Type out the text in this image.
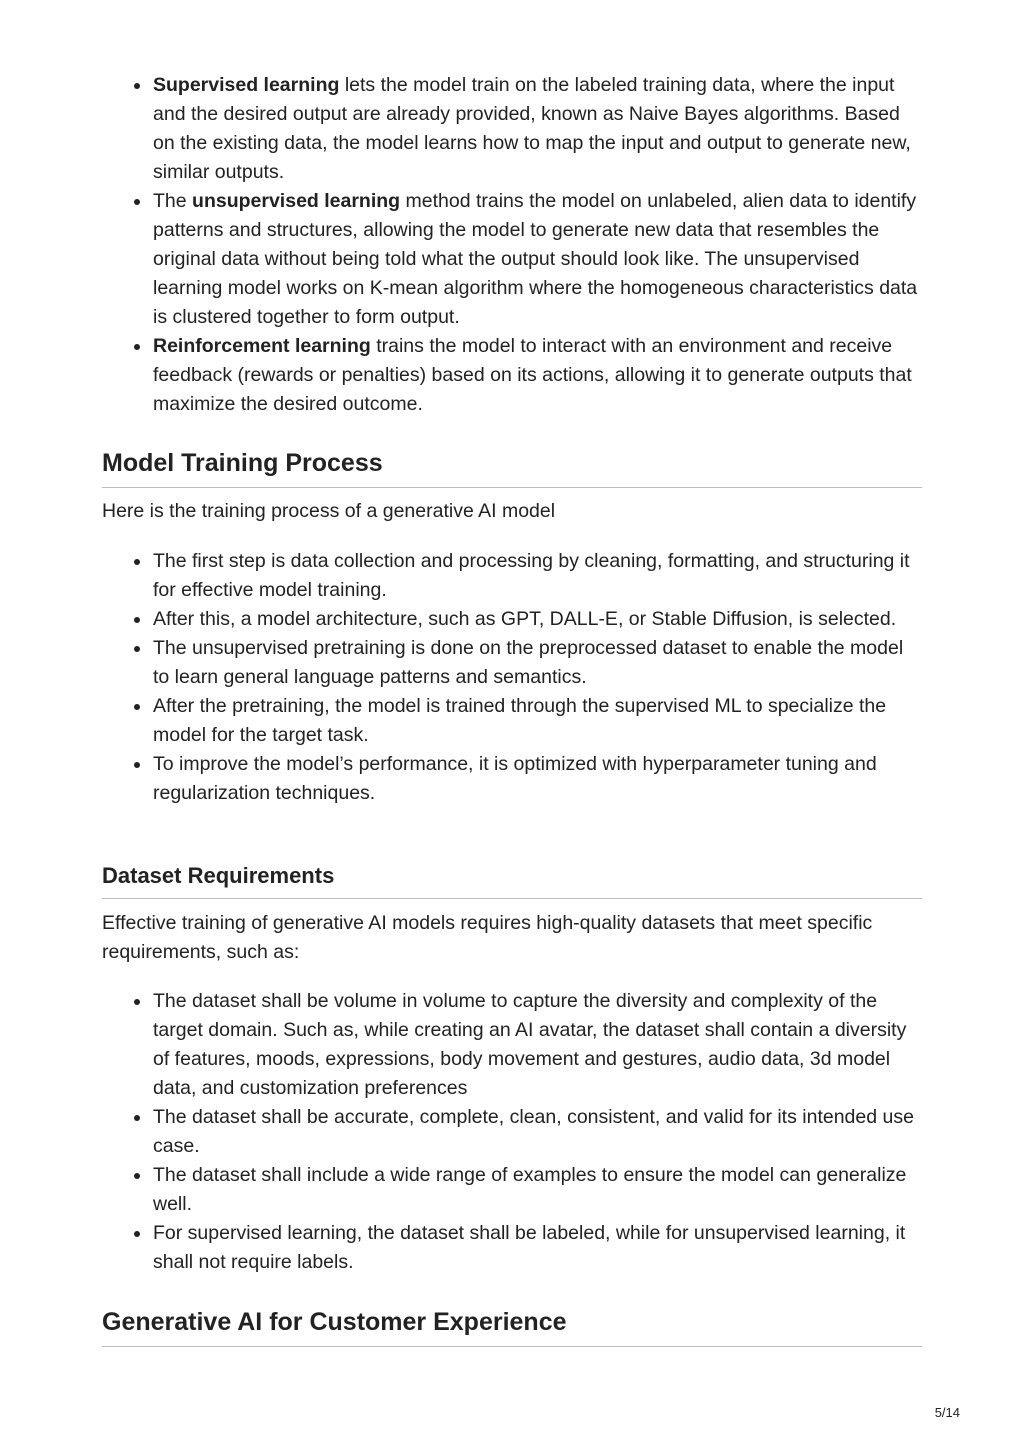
Supervised learning lets the model train on the labeled training data, where the input and the desired output are already provided, known as Naive Bayes algorithms. Based on the existing data, the model learns how to map the input and output to generate new, similar outputs.
The unsupervised learning method trains the model on unlabeled, alien data to identify patterns and structures, allowing the model to generate new data that resembles the original data without being told what the output should look like. The unsupervised learning model works on K-mean algorithm where the homogeneous characteristics data is clustered together to form output.
Reinforcement learning trains the model to interact with an environment and receive feedback (rewards or penalties) based on its actions, allowing it to generate outputs that maximize the desired outcome.
Model Training Process

Here is the training process of a generative AI model

The first step is data collection and processing by cleaning, formatting, and structuring it for effective model training.
After this, a model architecture, such as GPT, DALL-E, or Stable Diffusion, is selected.
The unsupervised pretraining is done on the preprocessed dataset to enable the model to learn general language patterns and semantics.
After the pretraining, the model is trained through the supervised ML to specialize the model for the target task.
To improve the model’s performance, it is optimized with hyperparameter tuning and regularization techniques.
Dataset Requirements

Effective training of generative AI models requires high-quality datasets that meet specific requirements, such as:

The dataset shall be volume in volume to capture the diversity and complexity of the target domain. Such as, while creating an AI avatar, the dataset shall contain a diversity of features, moods, expressions, body movement and gestures, audio data, 3d model data, and customization preferences
The dataset shall be accurate, complete, clean, consistent, and valid for its intended use case.
The dataset shall include a wide range of examples to ensure the model can generalize well.
For supervised learning, the dataset shall be labeled, while for unsupervised learning, it shall not require labels.
Generative AI for Customer Experience
5/14
